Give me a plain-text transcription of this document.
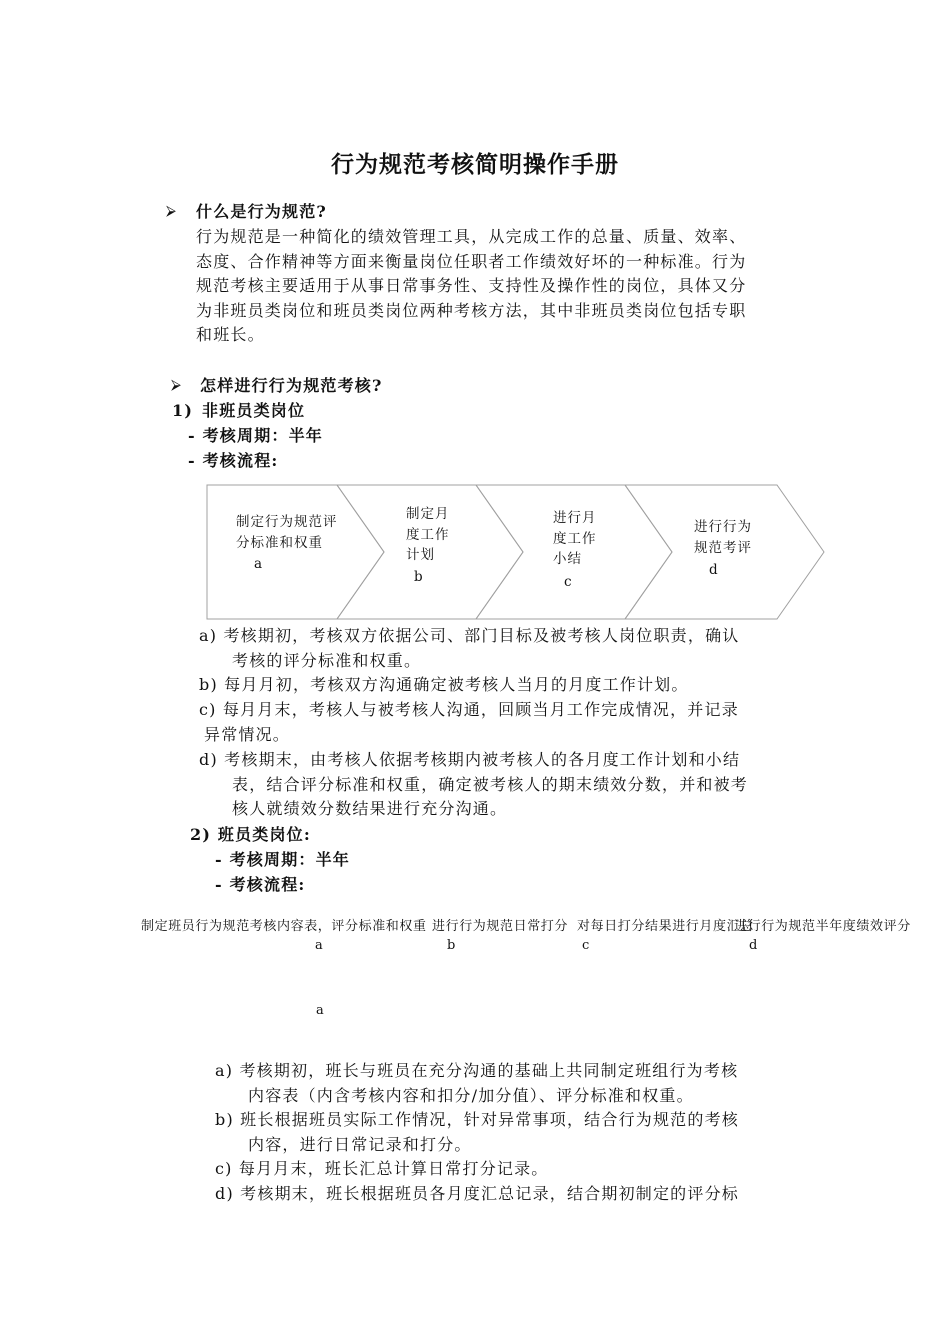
行为规范考核简明操作手册
⮚ 什么是行为规范?
行为规范是一种简化的绩效管理工具，从完成工作的总量、质量、效率、
态度、合作精神等方面来衡量岗位任职者工作绩效好坏的一种标准。行为
规范考核主要适用于从事日常事务性、支持性及操作性的岗位，具体又分
为非班员类岗位和班员类岗位两种考核方法，其中非班员类岗位包括专职
和班长。
⮚ 怎样进行行为规范考核?
1) 非班员类岗位
- 考核周期：半年
- 考核流程:
制定行为规范评
分标准和权重
a
制定月
度工作
计划
b
进行月
度工作
小结
c
进行行为
规范考评
d
a) 考核期初，考核双方依据公司、部门目标及被考核人岗位职责，确认
考核的评分标准和权重。
b) 每月月初，考核双方沟通确定被考核人当月的月度工作计划。
c) 每月月末，考核人与被考核人沟通，回顾当月工作完成情况，并记录
异常情况。
d) 考核期末，由考核人依据考核期内被考核人的各月度工作计划和小结
表，结合评分标准和权重，确定被考核人的期末绩效分数，并和被考
核人就绩效分数结果进行充分沟通。
2) 班员类岗位:
- 考核周期：半年
- 考核流程:
制定班员行为规范考核内容表，评分标准和权重 进行行为规范日常打分 对每日打分结果进行月度汇总
进行行为规范半年度绩效评分
a	b	c	d
a
a) 考核期初，班长与班员在充分沟通的基础上共同制定班组行为考核
内容表（内含考核内容和扣分/加分值）、评分标准和权重。
b) 班长根据班员实际工作情况，针对异常事项，结合行为规范的考核
内容，进行日常记录和打分。
c) 每月月末，班长汇总计算日常打分记录。
d) 考核期末，班长根据班员各月度汇总记录，结合期初制定的评分标
